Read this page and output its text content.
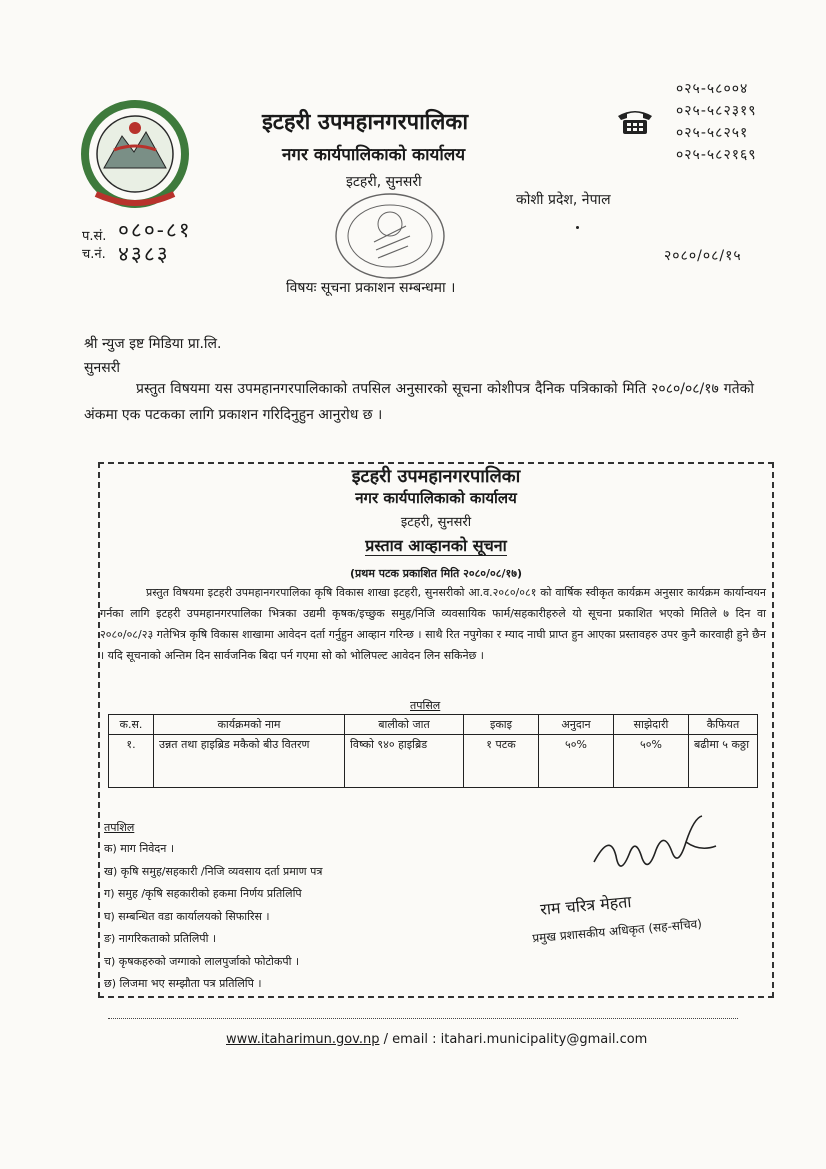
इटहरी उपमहानगरपालिका
नगर कार्यपालिकाको कार्यालय
०२५-५८००४
०२५-५८२३१९
०२५-५८२५१
०२५-५८२१६९
इटहरी, सुनसरी
कोशी प्रदेश, नेपाल
प.सं.
च.नं.
०८०-८१
४३८३	२०८०/०८/१५
विषयः सूचना प्रकाशन सम्बन्धमा ।
श्री न्युज इष्ट मिडिया प्रा.लि.
सुनसरी
प्रस्तुत विषयमा यस उपमहानगरपालिकाको तपसिल अनुसारको सूचना कोशीपत्र दैनिक पत्रिकाको मिति २०८०/०८/१७ गतेको अंकमा एक पटकका लागि प्रकाशन गरिदिनुहुन आनुरोध छ ।
इटहरी उपमहानगरपालिका
नगर कार्यपालिकाको कार्यालय
इटहरी, सुनसरी
प्रस्ताव आव्हानको सूचना
(प्रथम पटक प्रकाशित मिति २०८०/०८/१७)
प्रस्तुत विषयमा इटहरी उपमहानगरपालिका कृषि विकास शाखा इटहरी, सुनसरीको आ.व.२०८०/०८१ को वार्षिक स्वीकृत कार्यक्रम अनुसार कार्यक्रम कार्यान्वयन गर्नका लागि इटहरी उपमहानगरपालिका भित्रका उद्यमी कृषक/इच्छुक समुह/निजि व्यवसायिक फार्म/सहकारीहरुले यो सूचना प्रकाशित भएको मितिले ७ दिन वा २०८०/०८/२३ गतेभित्र कृषि विकास शाखामा आवेदन दर्ता गर्नुहुन आव्हान गरिन्छ । साथै रित नपुगेका र म्याद नाघी प्राप्त हुन आएका प्रस्तावहरु उपर कुनै कारवाही हुने छैन । यदि सूचनाको अन्तिम दिन सार्वजनिक बिदा पर्न गएमा सो को भोलिपल्ट आवेदन लिन सकिनेछ ।
तपसिल
क.स.	कार्यक्रमको नाम	बालीको जात	इकाइ	अनुदान	साझेदारी	कैफियत
१.	उन्नत तथा हाइब्रिड मकैको बीउ वितरण	विष्को ९४० हाइब्रिड	१ पटक	५०%	५०%	बढीमा ५ कठ्ठा
तपशिल
क) माग निवेदन ।
ख) कृषि समुह/सहकारी /निजि व्यवसाय दर्ता प्रमाण पत्र
ग) समुह /कृषि सहकारीको हकमा निर्णय प्रतिलिपि
घ) सम्बन्धित वडा कार्यालयको सिफारिस ।
ङ) नागरिकताको प्रतिलिपी ।
च) कृषकहरुको जग्गाको लालपुर्जाको फोटोकपी ।
छ) लिजमा भए सम्झौता पत्र प्रतिलिपि ।
राम चरित्र मेहता
प्रमुख प्रशासकीय अधिकृत (सह-सचिव)
www.itaharimun.gov.np / email : itahari.municipality@gmail.com
